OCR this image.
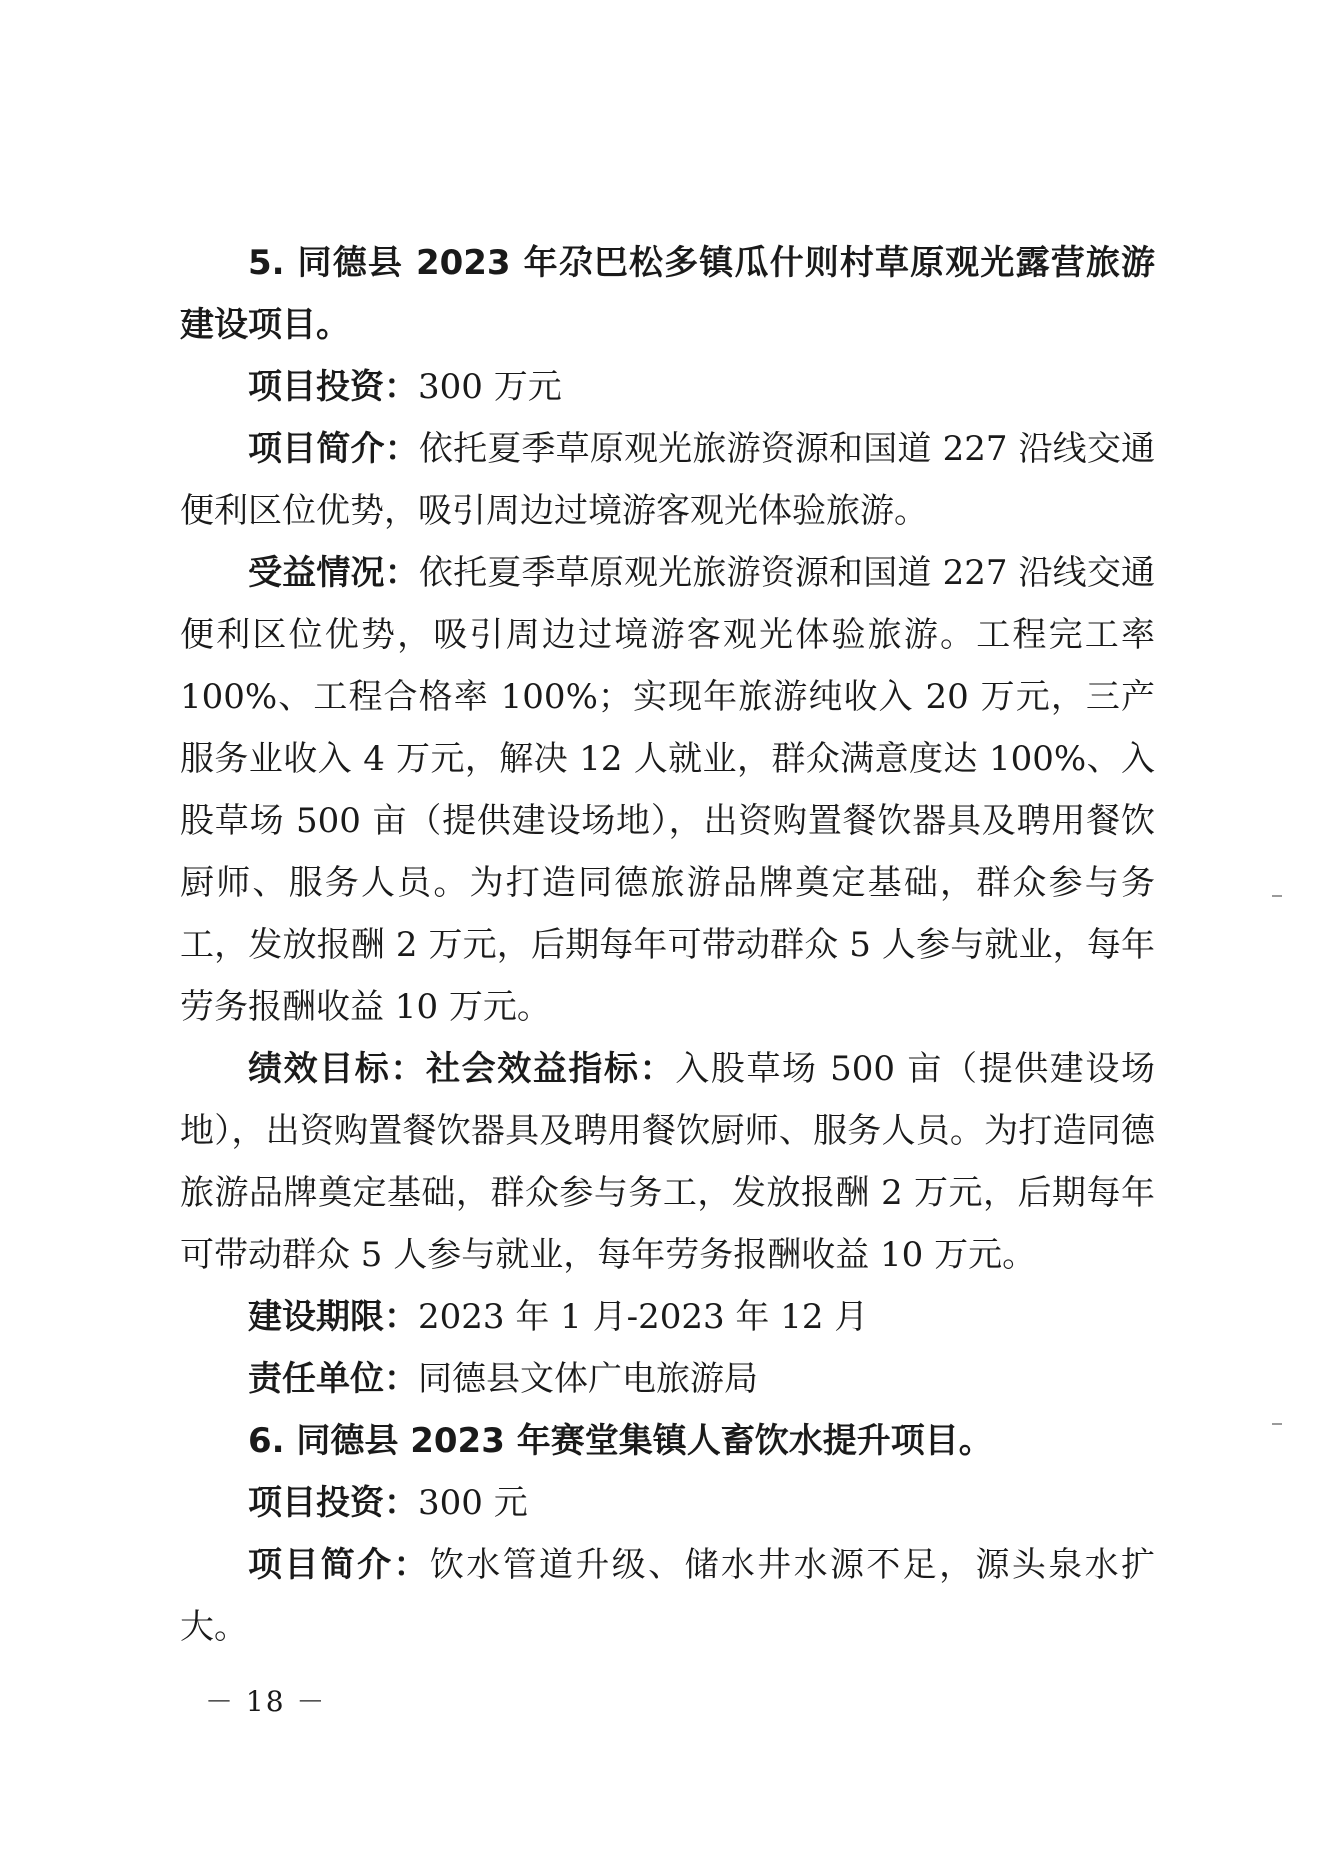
5. 同德县 2023 年尕巴松多镇瓜什则村草原观光露营旅游建设项目。

项目投资：300 万元

项目简介：依托夏季草原观光旅游资源和国道 227 沿线交通便利区位优势，吸引周边过境游客观光体验旅游。

受益情况：依托夏季草原观光旅游资源和国道 227 沿线交通便利区位优势，吸引周边过境游客观光体验旅游。工程完工率 100%、工程合格率 100%；实现年旅游纯收入 20 万元，三产服务业收入 4 万元，解决 12 人就业，群众满意度达 100%、入股草场 500 亩（提供建设场地），出资购置餐饮器具及聘用餐饮厨师、服务人员。为打造同德旅游品牌奠定基础，群众参与务工，发放报酬 2 万元，后期每年可带动群众 5 人参与就业，每年劳务报酬收益 10 万元。

绩效目标：社会效益指标：入股草场 500 亩（提供建设场地），出资购置餐饮器具及聘用餐饮厨师、服务人员。为打造同德旅游品牌奠定基础，群众参与务工，发放报酬 2 万元，后期每年可带动群众 5 人参与就业，每年劳务报酬收益 10 万元。

建设期限：2023 年 1 月-2023 年 12 月

责任单位：同德县文体广电旅游局

6. 同德县 2023 年赛堂集镇人畜饮水提升项目。

项目投资：300 元

项目简介：饮水管道升级、储水井水源不足，源头泉水扩大。

－ 18 －
